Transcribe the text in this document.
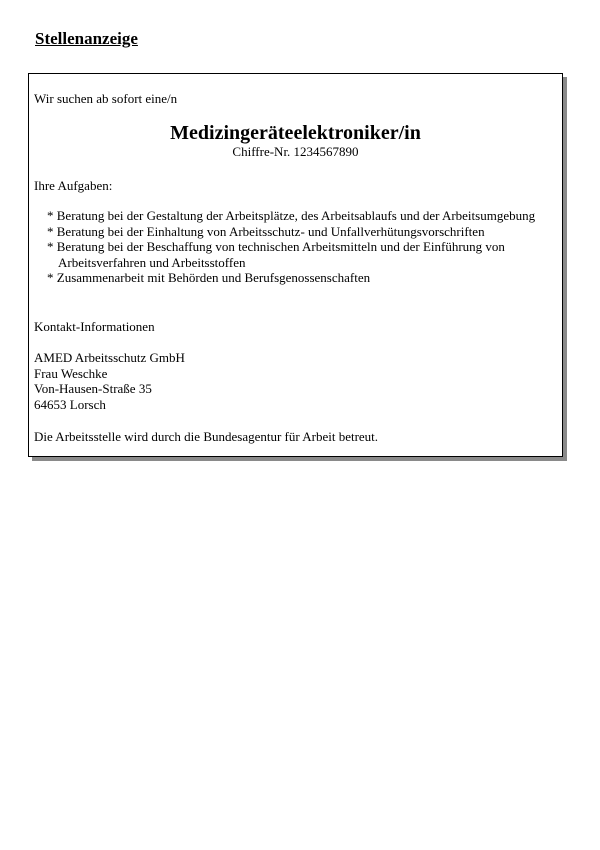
Stellenanzeige

Wir suchen ab sofort eine/n

Medizingeräteelektroniker/in

Chiffre-Nr. 1234567890

Ihre Aufgaben:

* Beratung bei der Gestaltung der Arbeitsplätze, des Arbeitsablaufs und der Arbeitsumgebung
* Beratung bei der Einhaltung von Arbeitsschutz- und Unfallverhütungsvorschriften
* Beratung bei der Beschaffung von technischen Arbeitsmitteln und der Einführung von Arbeitsverfahren und Arbeitsstoffen
* Zusammenarbeit mit Behörden und Berufsgenossenschaften

Kontakt-Informationen

AMED Arbeitsschutz GmbH
Frau Weschke
Von-Hausen-Straße 35
64653 Lorsch

Die Arbeitsstelle wird durch die Bundesagentur für Arbeit betreut.
